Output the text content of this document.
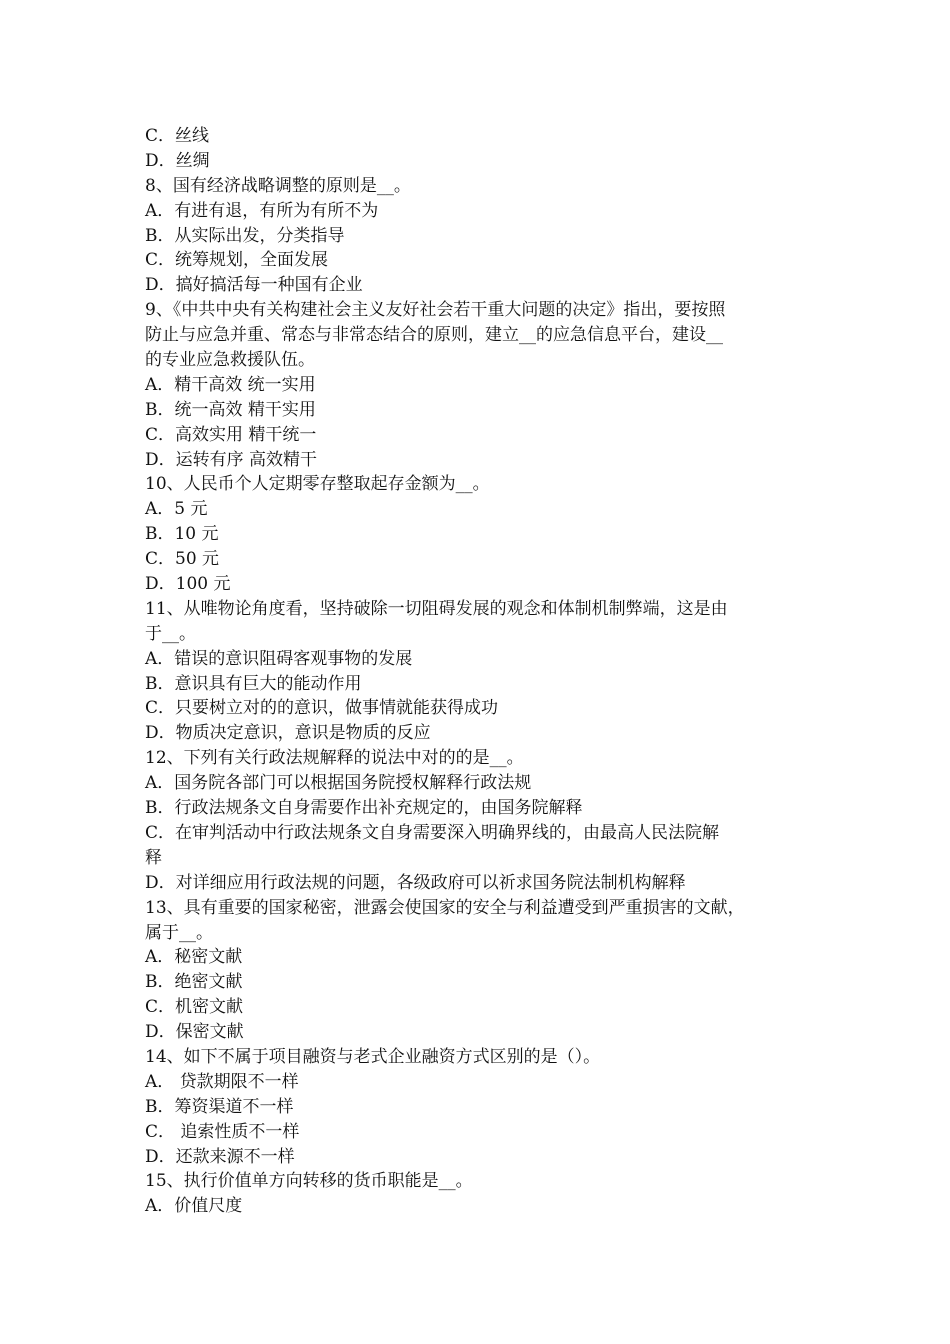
C．丝线
D．丝绸
8、国有经济战略调整的原则是__。
A．有进有退，有所为有所不为
B．从实际出发，分类指导
C．统筹规划，全面发展
D．搞好搞活每一种国有企业
9、《中共中央有关构建社会主义友好社会若干重大问题的决定》指出，要按照
防止与应急并重、常态与非常态结合的原则，建立__的应急信息平台，建设__
的专业应急救援队伍。
A．精干高效 统一实用
B．统一高效 精干实用
C．高效实用 精干统一
D．运转有序 高效精干
10、人民币个人定期零存整取起存金额为__。
A．5 元
B．10 元
C．50 元
D．100 元
11、从唯物论角度看，坚持破除一切阻碍发展的观念和体制机制弊端，这是由
于__。
A．错误的意识阻碍客观事物的发展
B．意识具有巨大的能动作用
C．只要树立对的的意识，做事情就能获得成功
D．物质决定意识，意识是物质的反应
12、下列有关行政法规解释的说法中对的的是__。
A．国务院各部门可以根据国务院授权解释行政法规
B．行政法规条文自身需要作出补充规定的，由国务院解释
C．在审判活动中行政法规条文自身需要深入明确界线的，由最高人民法院解
释
D．对详细应用行政法规的问题，各级政府可以祈求国务院法制机构解释
13、具有重要的国家秘密，泄露会使国家的安全与利益遭受到严重损害的文献，
属于__。
A．秘密文献
B．绝密文献
C．机密文献
D．保密文献
14、如下不属于项目融资与老式企业融资方式区别的是（）。
A． 贷款期限不一样
B．筹资渠道不一样
C． 追索性质不一样
D．还款来源不一样
15、执行价值单方向转移的货币职能是__。
A．价值尺度
